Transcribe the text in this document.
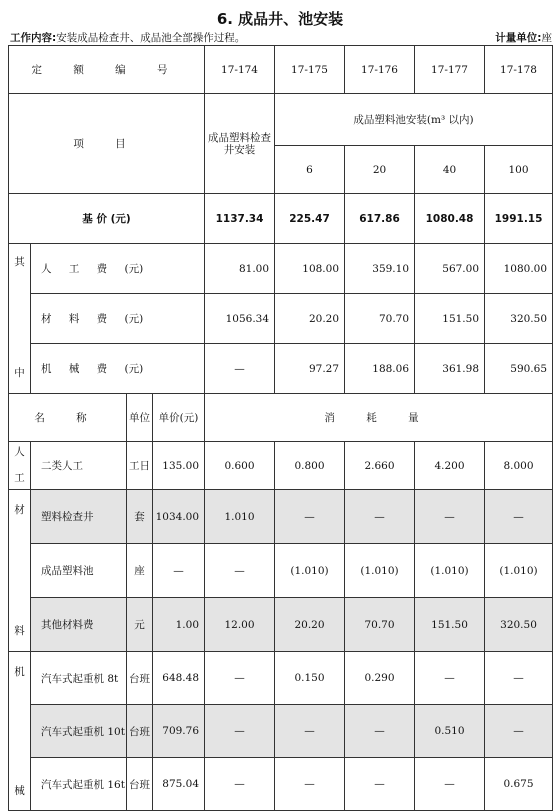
6. 成品井、池安装
工作内容:安装成品检查井、成品池全部操作过程。	计量单位:座
定 额 编 号				17-174	17-175	17-176	17-177	17-178
项 目				成品塑料检查井安装	成品塑料池安装(m³ 以内)			
					6	20	40	100
基 价 (元)				1137.34	225.47	617.86	1080.48	1991.15

其
中	人 工 费 (元)			81.00	108.00	359.10	567.00	1080.00
	材 料 费 (元)			1056.34	20.20	70.70	151.50	320.50
	机 械 费 (元)			—	97.27	188.06	361.98	590.65
名 称		单位	单价(元)	消 耗 量				
人

工	二类人工	工日	135.00	0.600	0.800	2.660	4.200	8.000

材
料	塑料检查井	套	1034.00	1.010	—	—	—	—
	成品塑料池	座	—	—	(1.010)	(1.010)	(1.010)	(1.010)
	其他材料费	元	1.00	12.00	20.20	70.70	151.50	320.50

机
械	汽车式起重机 8t	台班	648.48	—	0.150	0.290	—	—
	汽车式起重机 10t	台班	709.76	—	—	—	0.510	—
	汽车式起重机 16t	台班	875.04	—	—	—	—	0.675
